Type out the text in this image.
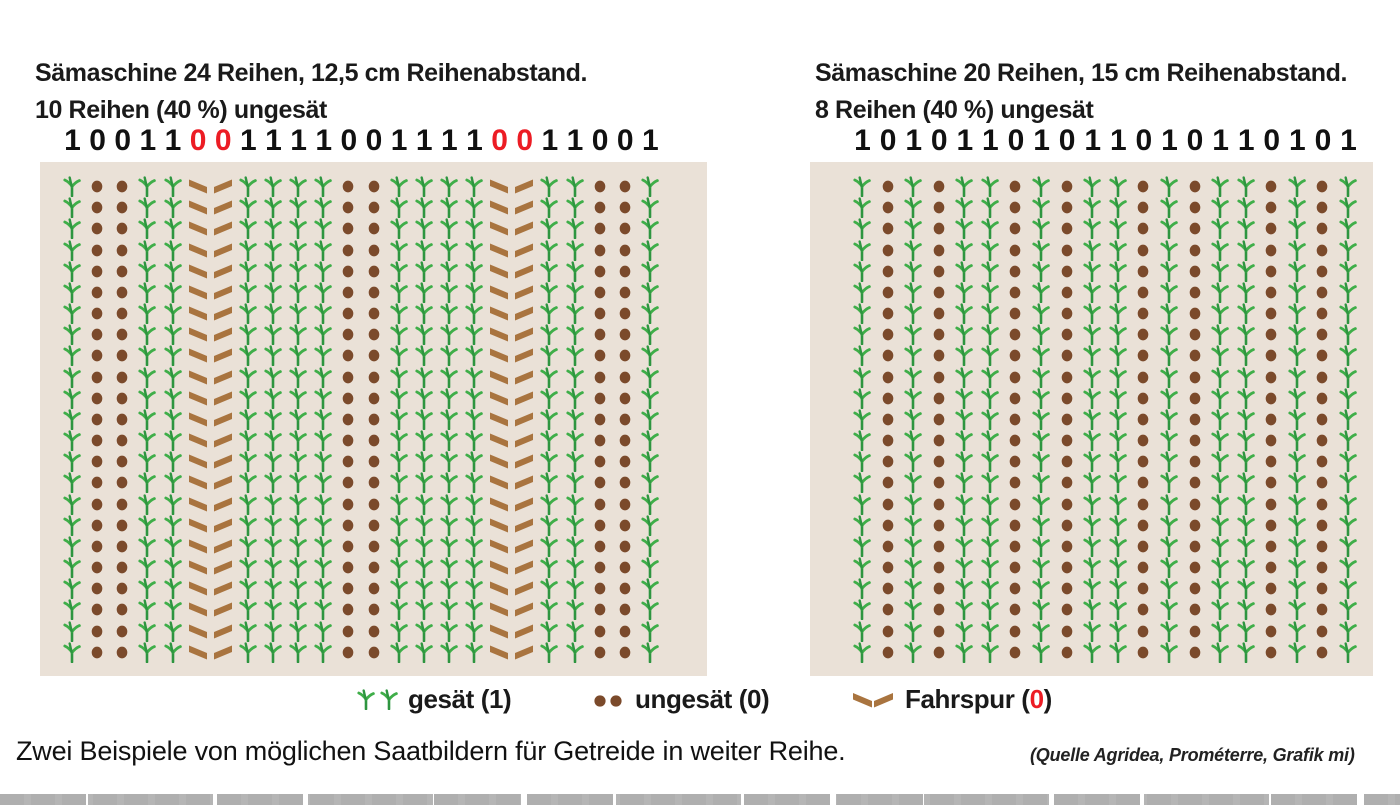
Sämaschine 24 Reihen, 12,5 cm Reihenabstand.
10 Reihen (40 %) ungesät
1 0 0 1 1 0 0 1 1 1 1 0 0 1 1 1 1 0 0 1 1 0 0 1
Sämaschine 20 Reihen, 15 cm Reihenabstand.
8 Reihen (40 %) ungesät
1 0 1 0 1 1 0 1 0 1 1 0 1 0 1 1 0 1 0 1
gesät (1)	ungesät (0)	Fahrspur (0)
Zwei Beispiele von möglichen Saatbildern für Getreide in weiter Reihe.	(Quelle Agridea, Prométerre, Grafik mi)
